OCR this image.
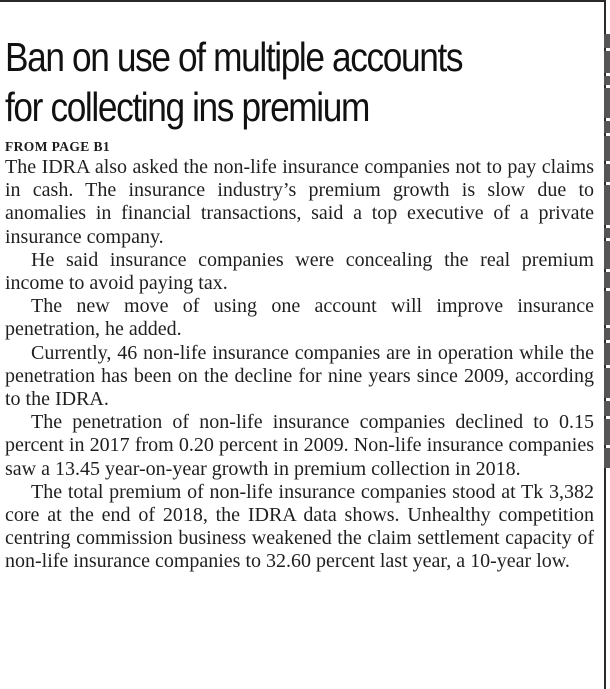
Ban on use of multiple accounts
for collecting ins premium
FROM PAGE B1

The IDRA also asked the non-life insurance companies not to pay claims in cash. The insurance industry’s premium growth is slow due to anomalies in financial transactions, said a top executive of a private insurance company.

He said insurance companies were concealing the real premium income to avoid paying tax.

The new move of using one account will improve insurance penetration, he added.

Currently, 46 non-life insurance companies are in operation while the penetration has been on the decline for nine years since 2009, according to the IDRA.

The penetration of non-life insurance companies declined to 0.15 percent in 2017 from 0.20 percent in 2009. Non-life insurance companies saw a 13.45 year-on-year growth in premium collection in 2018.

The total premium of non-life insurance companies stood at Tk 3,382 core at the end of 2018, the IDRA data shows. Unhealthy competition centring commission business weakened the claim settlement capacity of non-life insurance companies to 32.60 percent last year, a 10-year low.
